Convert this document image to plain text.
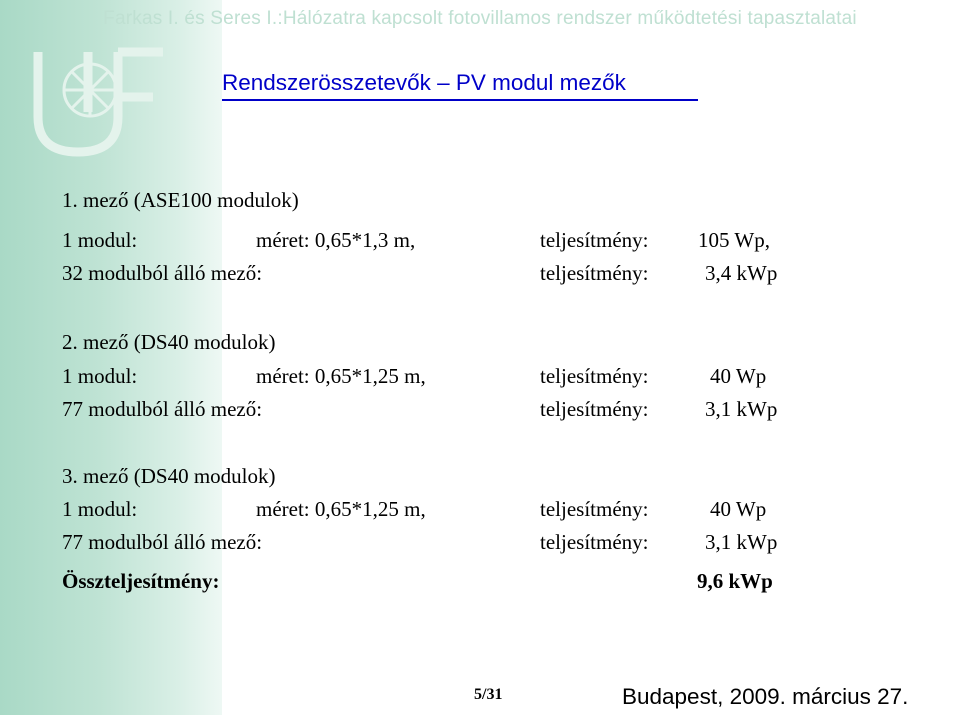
Farkas I. és Seres I.:Hálózatra kapcsolt fotovillamos rendszer működtetési tapasztalatai
Rendszerösszetevők – PV modul mezők
1. mező (ASE100 modulok)
1 modul:	méret: 0,65*1,3 m,	teljesítmény: 105 Wp,
32 modulból álló mező:	teljesítmény:	3,4 kWp
2. mező (DS40 modulok)
1 modul:	méret: 0,65*1,25 m,	teljesítmény:	40 Wp
77 modulból álló mező:	teljesítmény:	3,1 kWp
3. mező (DS40 modulok)
1 modul:	méret: 0,65*1,25 m,	teljesítmény:	40 Wp
77 modulból álló mező:	teljesítmény:	3,1 kWp
Összteljesítmény:	9,6 kWp
5/31	Budapest, 2009. március 27.
